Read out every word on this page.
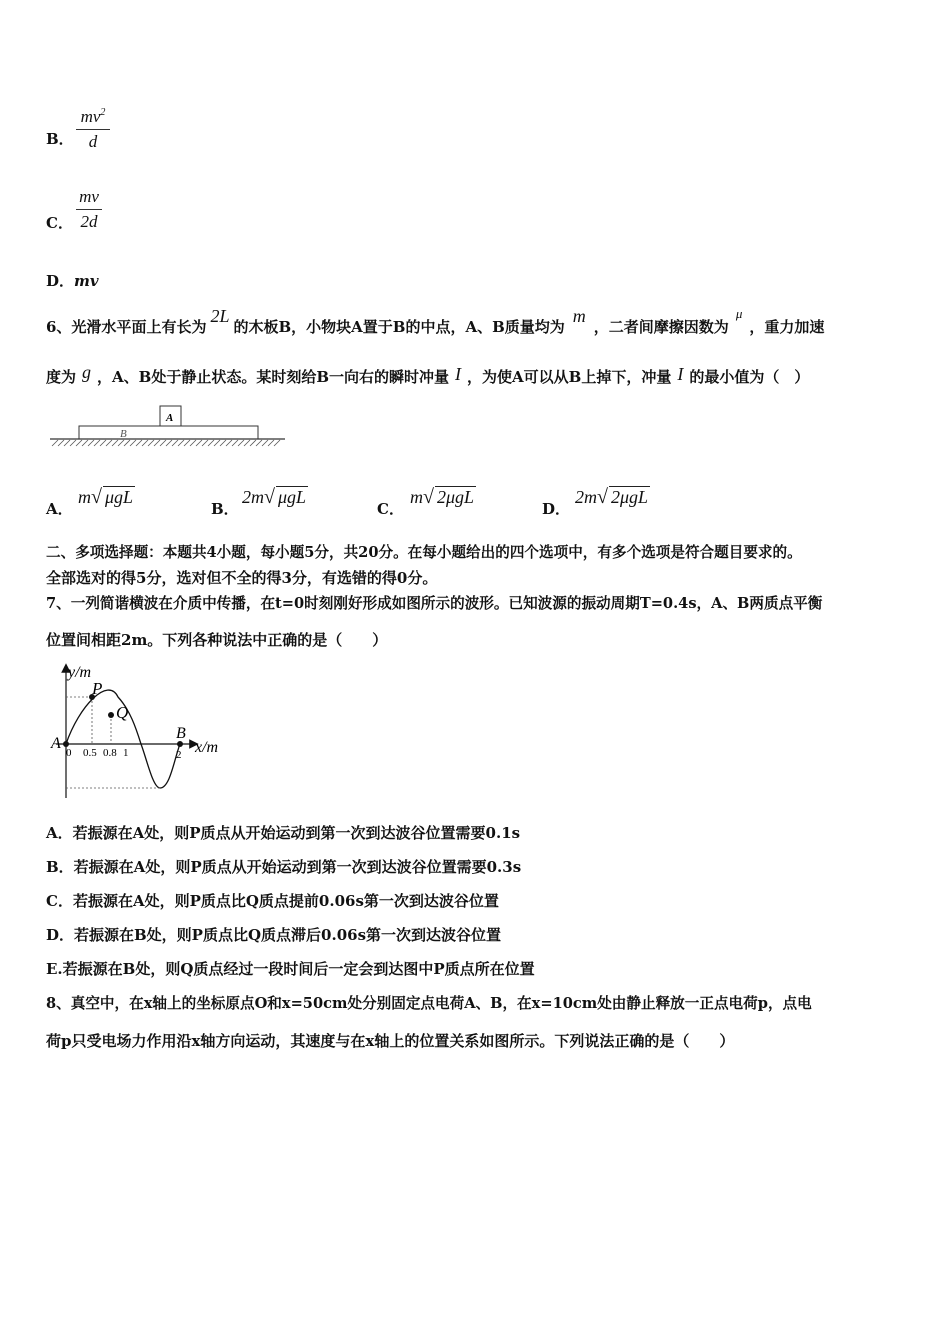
B．
$mv^2$
d
C．
mv
2d
D．mv
6、光滑水平面上有长为2L的木板B，小物块A置于B的中点，A、B质量均为m，二者间摩擦因数为μ，重力加速
度为 g ，A、B处于静止状态。某时刻给B一向右的瞬时冲量 I ，为使A可以从B上掉下，冲量 I 的最小值为（　）
A
B
A．
m√ μgL
B．
2m√ μgL
C．
m√ 2μgL
D．
2m√ 2μgL
二、多项选择题：本题共4小题，每小题5分，共20分。在每小题给出的四个选项中，有多个选项是符合题目要求的。
全部选对的得5分，选对但不全的得3分，有选错的得0分。
7、一列简谐横波在介质中传播，在t=0时刻刚好形成如图所示的波形。已知波源的振动周期T=0.4s，A、B两质点平衡
位置间相距2m。下列各种说法中正确的是（　　）
y/m
x/m
P
Q
A
B
0 0.5 0.8 1	2
A．若振源在A处，则P质点从开始运动到第一次到达波谷位置需要0.1s
B．若振源在A处，则P质点从开始运动到第一次到达波谷位置需要0.3s
C．若振源在A处，则P质点比Q质点提前0.06s第一次到达波谷位置
D．若振源在B处，则P质点比Q质点滞后0.06s第一次到达波谷位置
E.若振源在B处，则Q质点经过一段时间后一定会到达图中P质点所在位置
8、真空中，在x轴上的坐标原点O和x=50cm处分别固定点电荷A、B，在x=10cm处由静止释放一正点电荷p，点电
荷p只受电场力作用沿x轴方向运动，其速度与在x轴上的位置关系如图所示。下列说法正确的是（　　）
